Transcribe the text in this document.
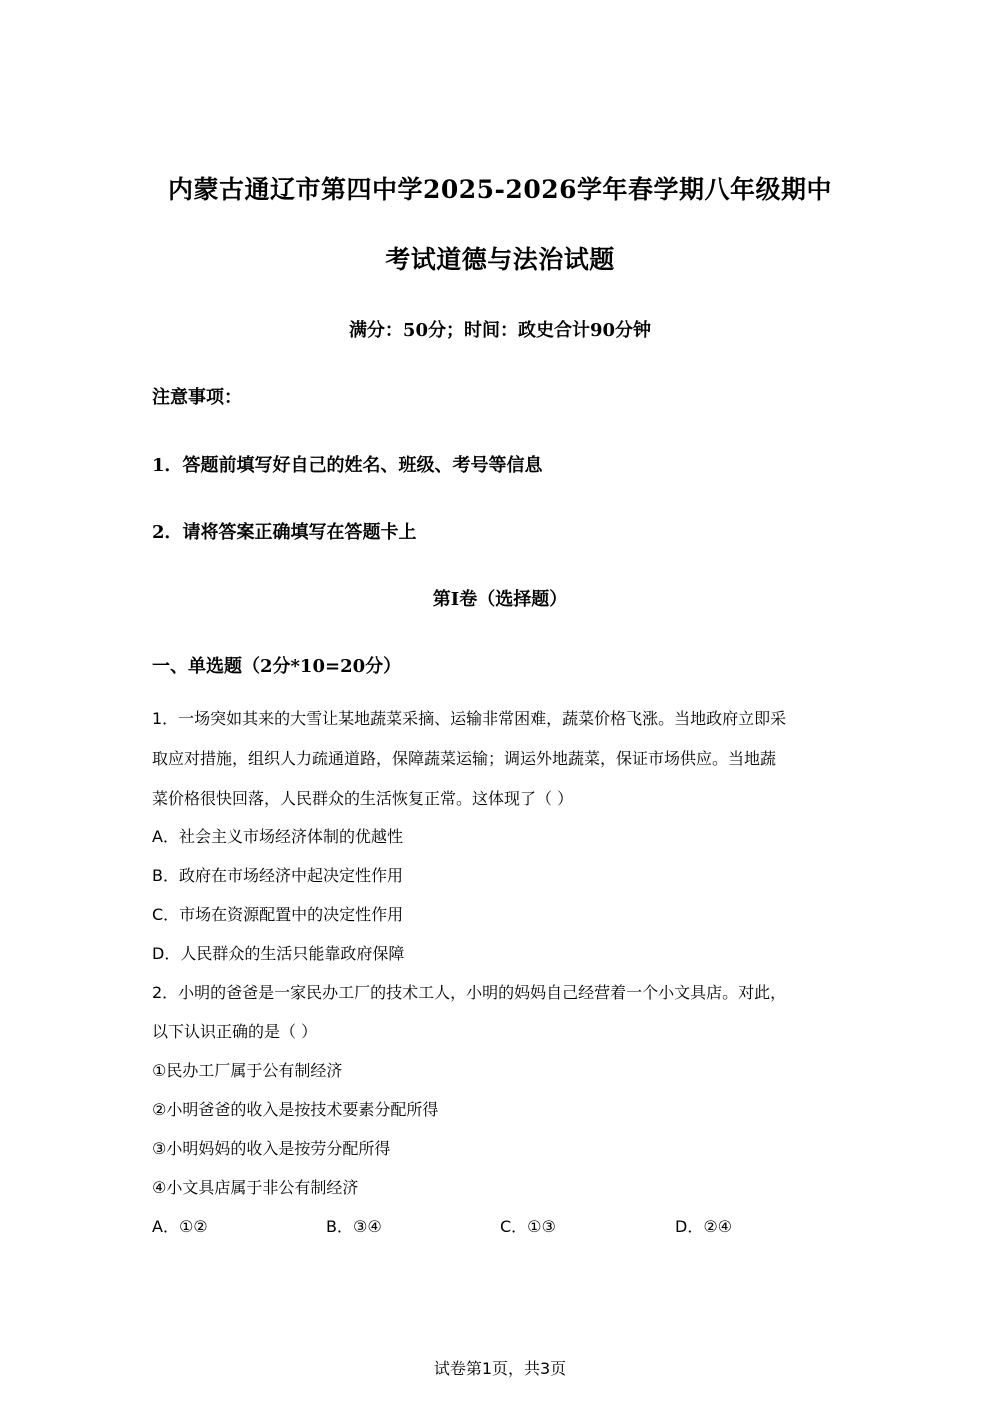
内蒙古通辽市第四中学2025-2026学年春学期八年级期中
考试道德与法治试题
满分：50分；时间：政史合计90分钟
注意事项：
1．答题前填写好自己的姓名、班级、考号等信息
2．请将答案正确填写在答题卡上
第I卷（选择题）
一、单选题（2分*10=20分）
1．一场突如其来的大雪让某地蔬菜采摘、运输非常困难，蔬菜价格飞涨。当地政府立即采
取应对措施，组织人力疏通道路，保障蔬菜运输；调运外地蔬菜，保证市场供应。当地蔬
菜价格很快回落，人民群众的生活恢复正常。这体现了（ ）
A．社会主义市场经济体制的优越性
B．政府在市场经济中起决定性作用
C．市场在资源配置中的决定性作用
D．人民群众的生活只能靠政府保障
2．小明的爸爸是一家民办工厂的技术工人，小明的妈妈自己经营着一个小文具店。对此，
以下认识正确的是（ ）
①民办工厂属于公有制经济
②小明爸爸的收入是按技术要素分配所得
③小明妈妈的收入是按劳分配所得
④小文具店属于非公有制经济
A．①②	B．③④	C．①③	D．②④
试卷第1页，共3页
